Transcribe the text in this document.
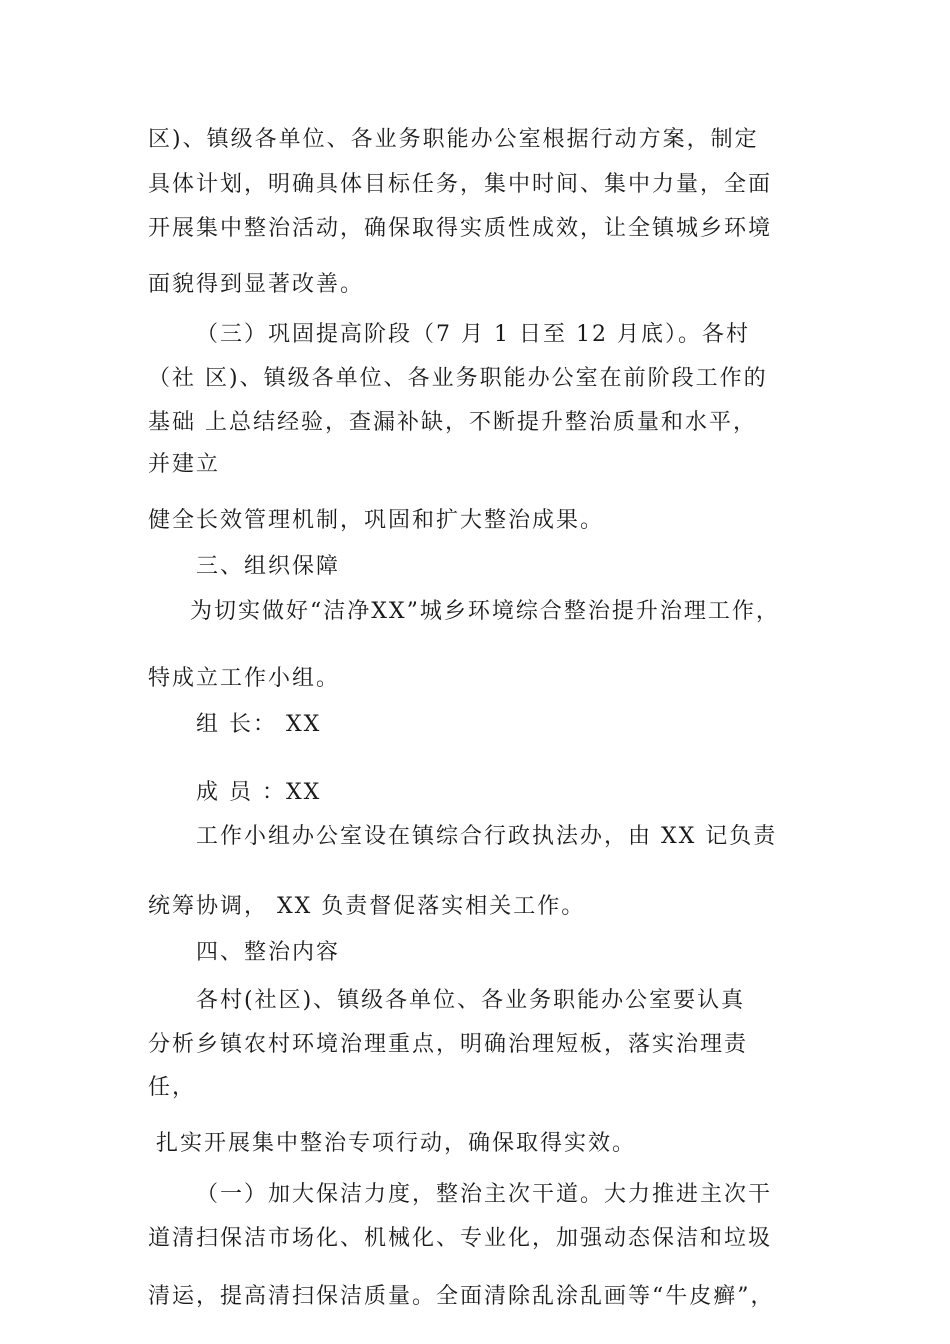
区)、镇级各单位、各业务职能办公室根据行动方案，制定
具体计划，明确具体目标任务，集中时间、集中力量，全面
开展集中整治活动，确保取得实质性成效，让全镇城乡环境
面貌得到显著改善。
（三）巩固提高阶段（7 月 1 日至 12 月底）。各村
（社 区)、镇级各单位、各业务职能办公室在前阶段工作的
基础 上总结经验，查漏补缺，不断提升整治质量和水平，
并建立
健全长效管理机制，巩固和扩大整治成果。
三、组织保障
为切实做好“洁净XX”城乡环境综合整治提升治理工作，
特成立工作小组。
组 长： XX
成 员 ：XX
工作小组办公室设在镇综合行政执法办，由 XX 记负责
统筹协调， XX 负责督促落实相关工作。
四、整治内容
各村(社区)、镇级各单位、各业务职能办公室要认真
分析乡镇农村环境治理重点，明确治理短板，落实治理责
任，
扎实开展集中整治专项行动，确保取得实效。
（一）加大保洁力度，整治主次干道。大力推进主次干
道清扫保洁市场化、机械化、专业化，加强动态保洁和垃圾
清运，提高清扫保洁质量。全面清除乱涂乱画等“牛皮癣”，
